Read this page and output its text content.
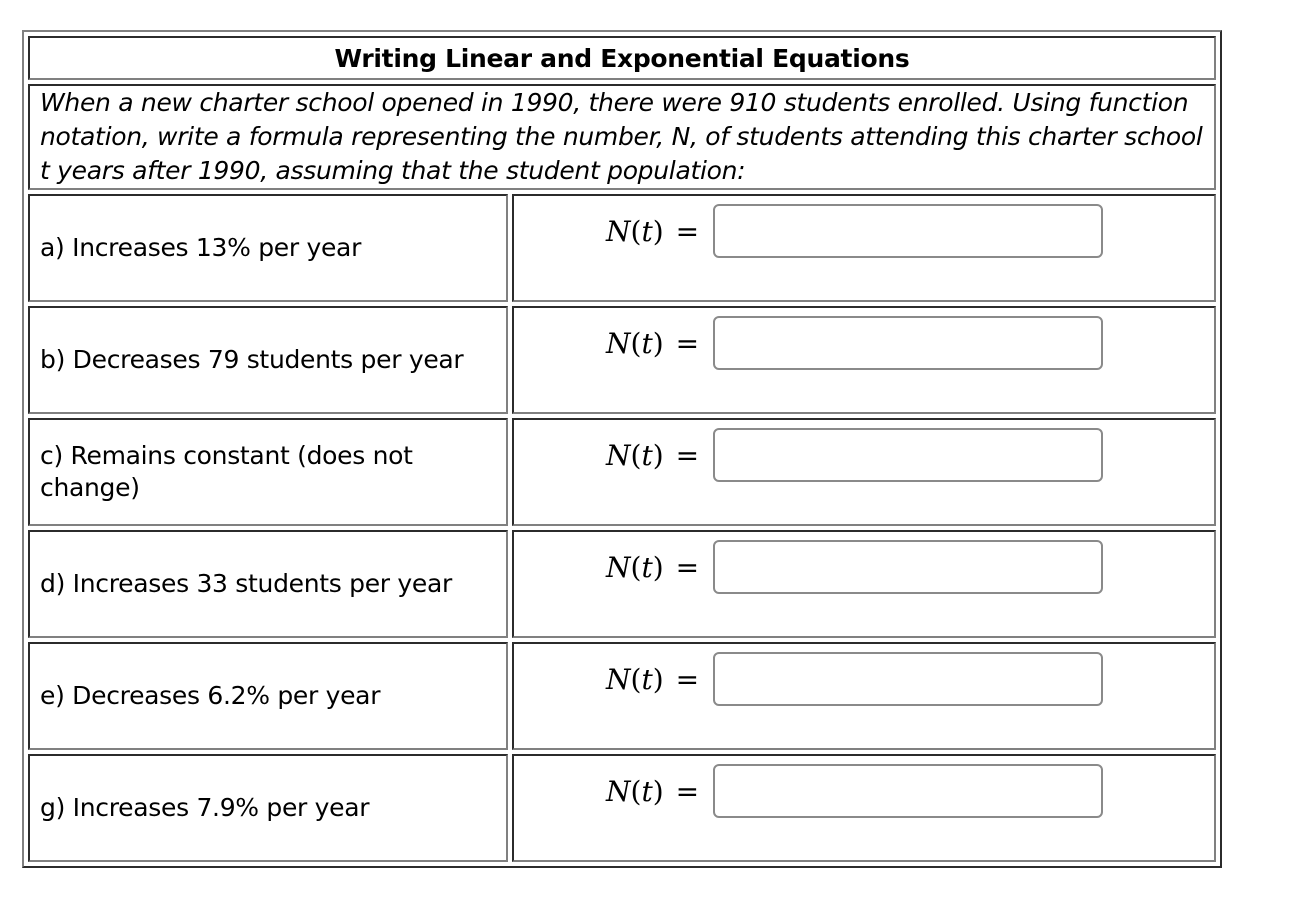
Writing Linear and Exponential Equations	
When a new charter school opened in 1990, there were 910 students enrolled. Using function notation, write a formula representing the number, N, of students attending this charter school t years after 1990, assuming that the student population:	
a) Increases 13% per year	N(t) =

b) Decreases 79 students per year	N(t) =

c) Remains constant (does not change)	N(t) =

d) Increases 33 students per year	N(t) =

e) Decreases 6.2% per year	N(t) =

g) Increases 7.9% per year	N(t) =
